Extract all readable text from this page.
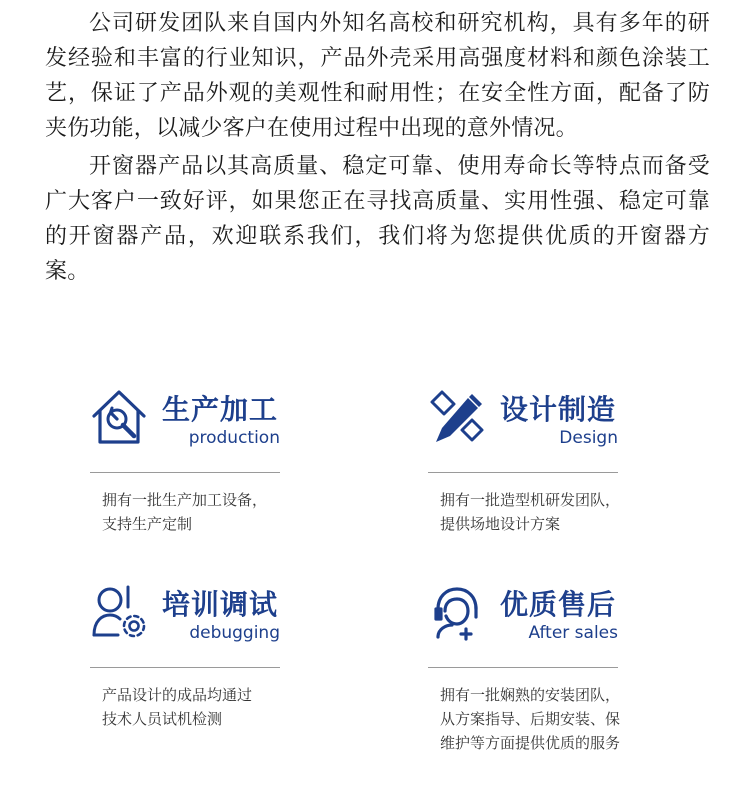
公司研发团队来自国内外知名高校和研究机构，具有多年的研发经验和丰富的行业知识，产品外壳采用高强度材料和颜色涂装工艺，保证了产品外观的美观性和耐用性；在安全性方面，配备了防夹伤功能，以减少客户在使用过程中出现的意外情况。

开窗器产品以其高质量、稳定可靠、使用寿命长等特点而备受广大客户一致好评，如果您正在寻找高质量、实用性强、稳定可靠的开窗器产品，欢迎联系我们，我们将为您提供优质的开窗器方案。

生产加工
production
拥有一批生产加工设备，
支持生产定制
设计制造
Design
拥有一批造型机研发团队，
提供场地设计方案
培训调试
debugging
产品设计的成品均通过
技术人员试机检测
优质售后
After sales
拥有一批娴熟的安装团队，
从方案指导、后期安装、保
维护等方面提供优质的服务
